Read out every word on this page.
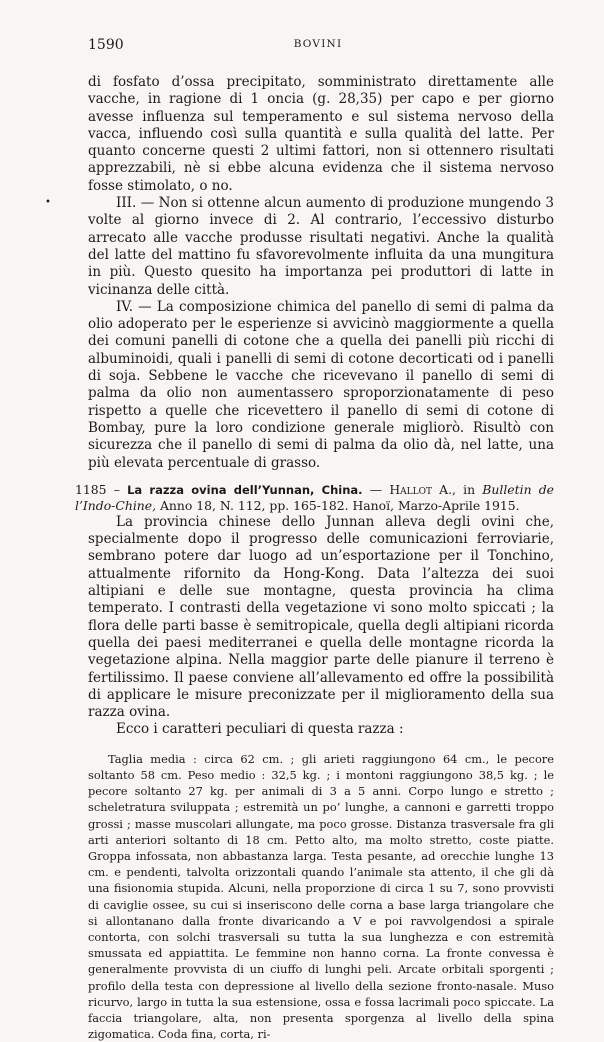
1590	BOVINI
•

di fosfato d’ossa precipitato, somministrato direttamente alle vacche, in ragione di 1 oncia (g. 28,35) per capo e per giorno avesse influenza sul temperamento e sul sistema nervoso della vacca, influendo così sulla quantità e sulla qualità del latte. Per quanto concerne questi 2 ultimi fattori, non si ottennero risultati apprezzabili, nè si ebbe alcuna evidenza che il sistema nervoso fosse stimolato, o no.

III. — Non si ottenne alcun aumento di produzione mungendo 3 volte al giorno invece di 2. Al contrario, l’eccessivo disturbo arrecato alle vacche produsse risultati negativi. Anche la qualità del latte del mattino fu sfavorevolmente influita da una mungitura in più. Questo quesito ha importanza pei produttori di latte in vicinanza delle città.

IV. — La composizione chimica del panello di semi di palma da olio adoperato per le esperienze si avvicinò maggiormente a quella dei comuni panelli di cotone che a quella dei panelli più ricchi di albuminoidi, quali i panelli di semi di cotone decorticati od i panelli di soja. Sebbene le vacche che ricevevano il panello di semi di palma da olio non aumentassero sproporzionatamente di peso rispetto a quelle che ricevettero il panello di semi di cotone di Bombay, pure la loro condizione generale migliorò. Risultò con sicurezza che il panello di semi di palma da olio dà, nel latte, una più elevata percentuale di grasso.

1185 – La razza ovina dell’Yunnan, China. — Hallot A., in Bulletin de l’Indo-Chine, Anno 18, N. 112, pp. 165-182. Hanoï, Marzo-Aprile 1915.

La provincia chinese dello Junnan alleva degli ovini che, specialmente dopo il progresso delle comunicazioni ferroviarie, sembrano potere dar luogo ad un’esportazione per il Tonchino, attualmente rifornito da Hong-Kong. Data l’altezza dei suoi altipiani e delle sue montagne, questa provincia ha clima temperato. I contrasti della vegetazione vi sono molto spiccati ; la flora delle parti basse è semitropicale, quella degli altipiani ricorda quella dei paesi mediterranei e quella delle montagne ricorda la vegetazione alpina. Nella maggior parte delle pianure il terreno è fertilissimo. Il paese conviene all’allevamento ed offre la possibilità di applicare le misure preconizzate per il miglioramento della sua razza ovina.

Ecco i caratteri peculiari di questa razza :

Taglia media : circa 62 cm. ; gli arieti raggiungono 64 cm., le pecore soltanto 58 cm. Peso medio : 32,5 kg. ; i montoni raggiungono 38,5 kg. ; le pecore soltanto 27 kg. per animali di 3 a 5 anni. Corpo lungo e stretto ; scheletratura sviluppata ; estremità un po’ lunghe, a cannoni e garretti troppo grossi ; masse muscolari allungate, ma poco grosse. Distanza trasversale fra gli arti anteriori soltanto di 18 cm. Petto alto, ma molto stretto, coste piatte. Groppa infossata, non abbastanza larga. Testa pesante, ad orecchie lunghe 13 cm. e pendenti, talvolta orizzontali quando l’animale sta attento, il che gli dà una fisionomia stupida. Alcuni, nella proporzione di circa 1 su 7, sono provvisti di caviglie ossee, su cui si inseriscono delle corna a base larga triangolare che si allontanano dalla fronte divaricando a V e poi ravvolgendosi a spirale contorta, con solchi trasversali su tutta la sua lunghezza e con estremità smussata ed appiattita. Le femmine non hanno corna. La fronte convessa è generalmente provvista di un ciuffo di lunghi peli. Arcate orbitali sporgenti ; profilo della testa con depressione al livello della sezione fronto-nasale. Muso ricurvo, largo in tutta la sua estensione, ossa e fossa lacrimali poco spiccate. La faccia triangolare, alta, non presenta sporgenza al livello della spina zigomatica. Coda fina, corta, ri-
